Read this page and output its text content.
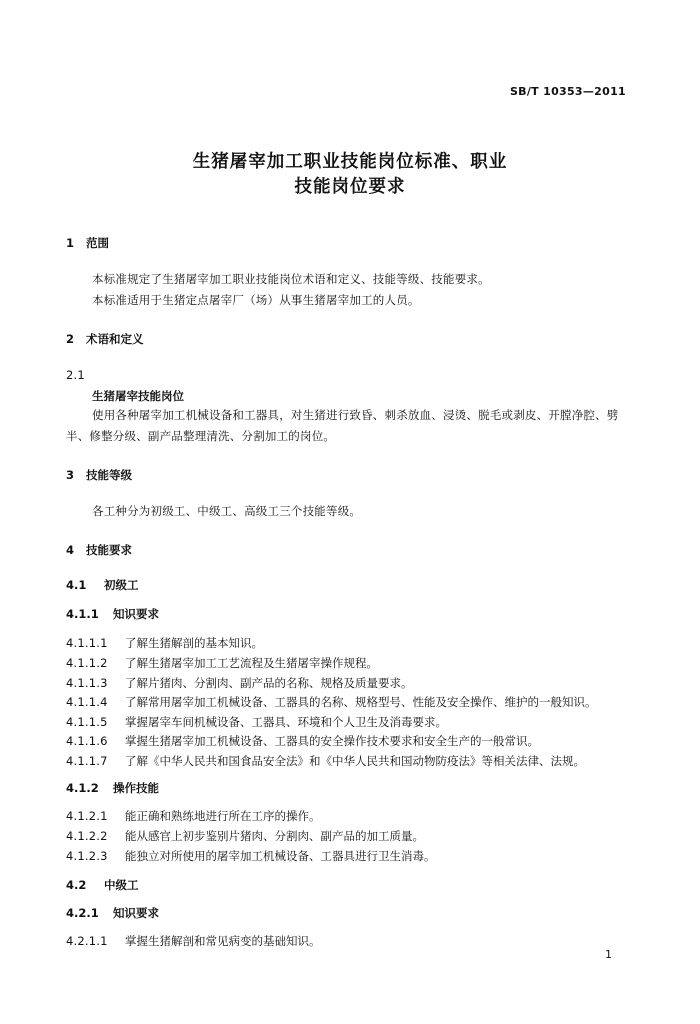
SB/T 10353—2011
生猪屠宰加工职业技能岗位标准、职业
技能岗位要求
1 范围
本标准规定了生猪屠宰加工职业技能岗位术语和定义、技能等级、技能要求。
本标准适用于生猪定点屠宰厂（场）从事生猪屠宰加工的人员。
2 术语和定义
2.1
生猪屠宰技能岗位
使用各种屠宰加工机械设备和工器具，对生猪进行致昏、刺杀放血、浸烫、脱毛或剥皮、开膛净腔、劈
半、修整分级、副产品整理清洗、分割加工的岗位。
3 技能等级
各工种分为初级工、中级工、高级工三个技能等级。
4 技能要求
4.1 初级工
4.1.1 知识要求
4.1.1.1 了解生猪解剖的基本知识。
4.1.1.2 了解生猪屠宰加工工艺流程及生猪屠宰操作规程。
4.1.1.3 了解片猪肉、分割肉、副产品的名称、规格及质量要求。
4.1.1.4 了解常用屠宰加工机械设备、工器具的名称、规格型号、性能及安全操作、维护的一般知识。
4.1.1.5 掌握屠宰车间机械设备、工器具、环境和个人卫生及消毒要求。
4.1.1.6 掌握生猪屠宰加工机械设备、工器具的安全操作技术要求和安全生产的一般常识。
4.1.1.7 了解《中华人民共和国食品安全法》和《中华人民共和国动物防疫法》等相关法律、法规。
4.1.2 操作技能
4.1.2.1 能正确和熟练地进行所在工序的操作。
4.1.2.2 能从感官上初步鉴别片猪肉、分割肉、副产品的加工质量。
4.1.2.3 能独立对所使用的屠宰加工机械设备、工器具进行卫生消毒。
4.2 中级工
4.2.1 知识要求
4.2.1.1 掌握生猪解剖和常见病变的基础知识。
1
